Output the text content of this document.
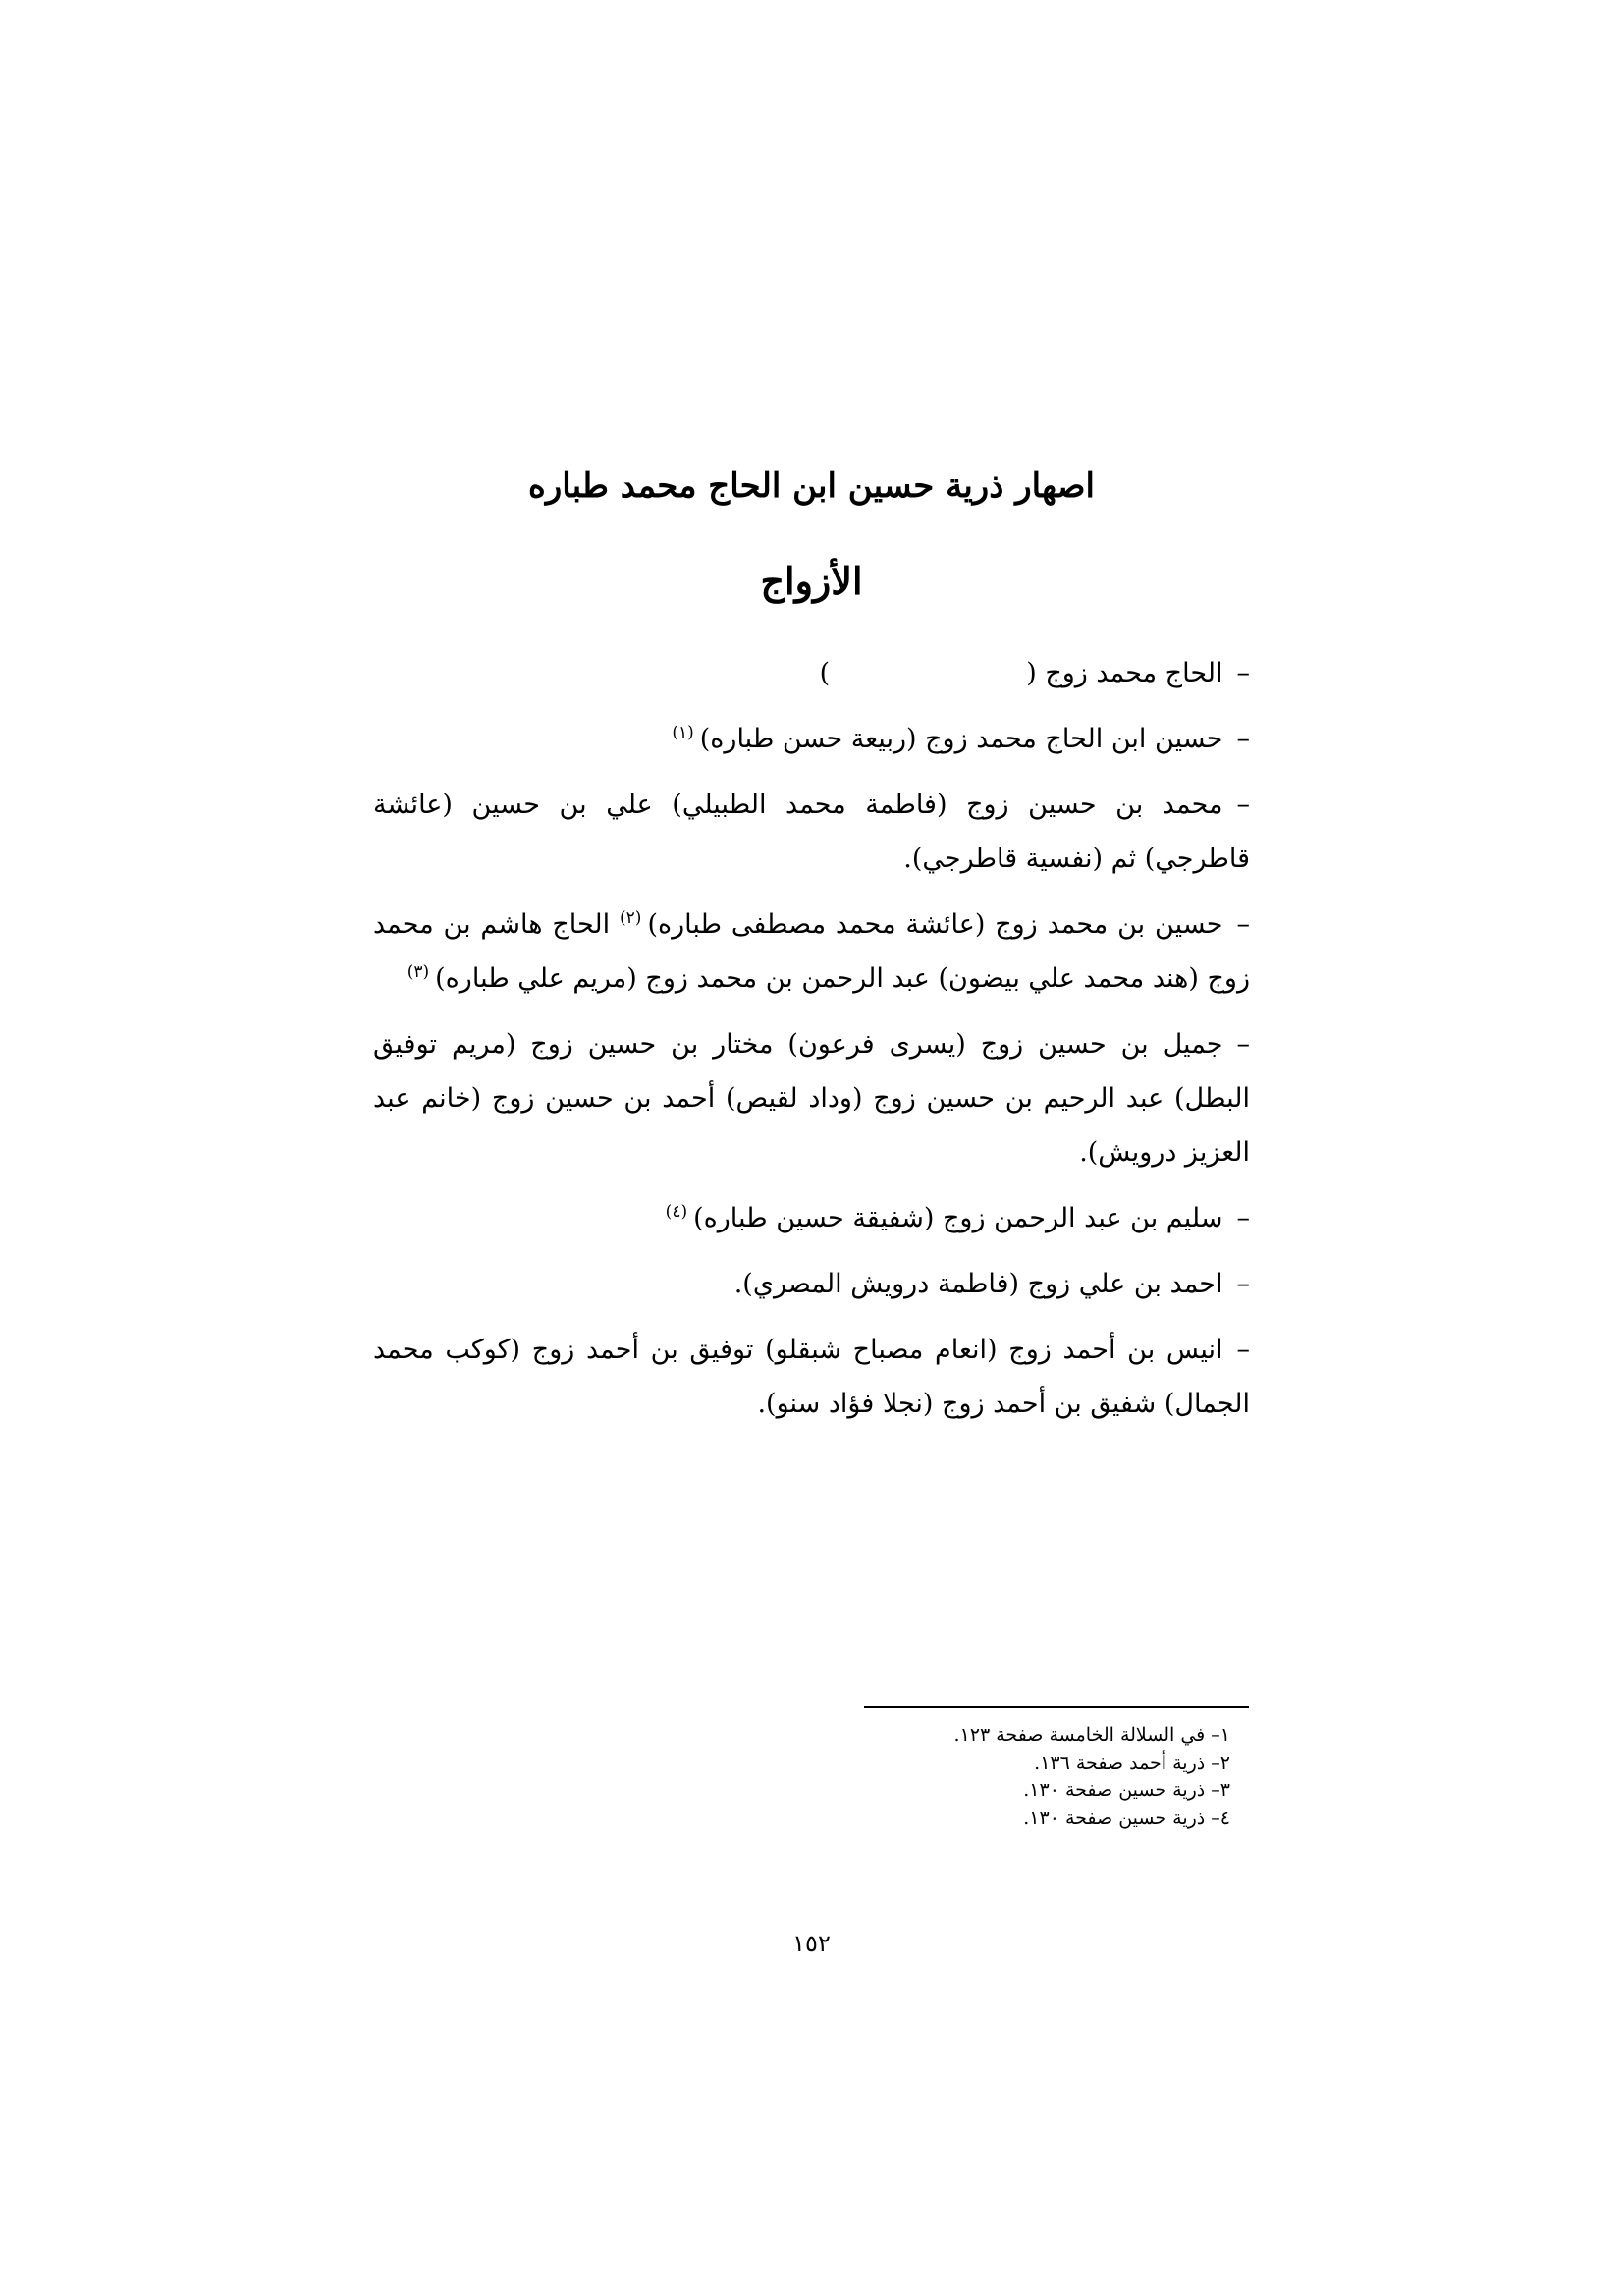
اصهار ذرية حسين ابن الحاج محمد طباره
الأزواج

–الحاج محمد زوج ()

–حسين ابن الحاج محمد زوج (ربيعة حسن طباره)$^{(١)}$

–محمد بن حسين زوج (فاطمة محمد الطبيلي) علي بن حسين (عائشة قاطرجي) ثم (نفسية قاطرجي).

–حسين بن محمد زوج (عائشة محمد مصطفى طباره)$^{(٢)}$ الحاج هاشم بن محمد زوج (هند محمد علي بيضون) عبد الرحمن بن محمد زوج (مريم علي طباره)$^{(٣)}$

–جميل بن حسين زوج (يسرى فرعون) مختار بن حسين زوج (مريم توفيق البطل) عبد الرحيم بن حسين زوج (وداد لقيص) أحمد بن حسين زوج (خانم عبد العزيز درويش).

–سليم بن عبد الرحمن زوج (شفيقة حسين طباره)$^{(٤)}$

–احمد بن علي زوج (فاطمة درويش المصري).

–انيس بن أحمد زوج (انعام مصباح شبقلو) توفيق بن أحمد زوج (كوكب محمد الجمال) شفيق بن أحمد زوج (نجلا فؤاد سنو).

١– في السلالة الخامسة صفحة ١٢٣.

٢– ذرية أحمد صفحة ١٣٦.

٣– ذرية حسين صفحة ١٣٠.

٤– ذرية حسين صفحة ١٣٠.

١٥٢
